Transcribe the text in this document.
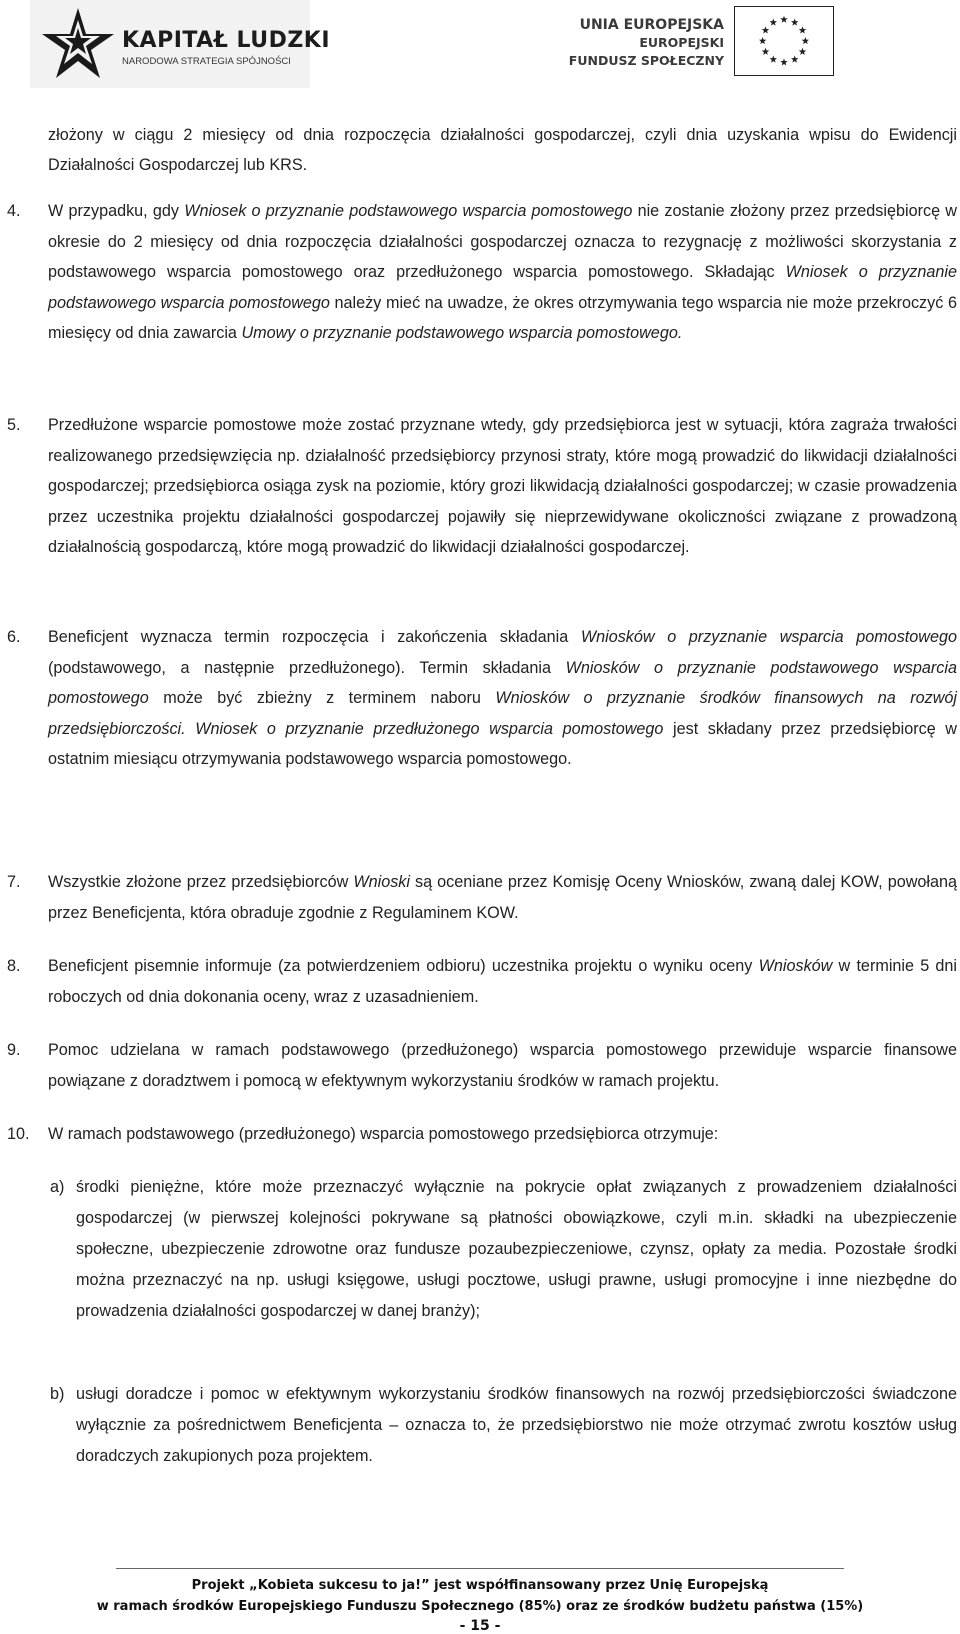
KAPITAŁ LUDZKI
NARODOWA STRATEGIA SPÓJNOŚCI
UNIA EUROPEJSKA
EUROPEJSKI
FUNDUSZ SPOŁECZNY
złożony w ciągu 2 miesięcy od dnia rozpoczęcia działalności gospodarczej, czyli dnia uzyskania wpisu do Ewidencji Działalności Gospodarczej lub KRS.
4. W przypadku, gdy Wniosek o przyznanie podstawowego wsparcia pomostowego nie zostanie złożony przez przedsiębiorcę w okresie do 2 miesięcy od dnia rozpoczęcia działalności gospodarczej oznacza to rezygnację z możliwości skorzystania z podstawowego wsparcia pomostowego oraz przedłużonego wsparcia pomostowego. Składając Wniosek o przyznanie podstawowego wsparcia pomostowego należy mieć na uwadze, że okres otrzymywania tego wsparcia nie może przekroczyć 6 miesięcy od dnia zawarcia Umowy o przyznanie podstawowego wsparcia pomostowego.

5. Przedłużone wsparcie pomostowe może zostać przyznane wtedy, gdy przedsiębiorca jest w sytuacji, która zagraża trwałości realizowanego przedsięwzięcia np. działalność przedsiębiorcy przynosi straty, które mogą prowadzić do likwidacji działalności gospodarczej; przedsiębiorca osiąga zysk na poziomie, który grozi likwidacją działalności gospodarczej; w czasie prowadzenia przez uczestnika projektu działalności gospodarczej pojawiły się nieprzewidywane okoliczności związane z prowadzoną działalnością gospodarczą, które mogą prowadzić do likwidacji działalności gospodarczej.

6. Beneficjent wyznacza termin rozpoczęcia i zakończenia składania Wniosków o przyznanie wsparcia pomostowego (podstawowego, a następnie przedłużonego). Termin składania Wniosków o przyznanie podstawowego wsparcia pomostowego może być zbieżny z terminem naboru Wniosków o przyznanie środków finansowych na rozwój przedsiębiorczości. Wniosek o przyznanie przedłużonego wsparcia pomostowego jest składany przez przedsiębiorcę w ostatnim miesiącu otrzymywania podstawowego wsparcia pomostowego.

7. Wszystkie złożone przez przedsiębiorców Wnioski są oceniane przez Komisję Oceny Wniosków, zwaną dalej KOW, powołaną przez Beneficjenta, która obraduje zgodnie z Regulaminem KOW.

8. Beneficjent pisemnie informuje (za potwierdzeniem odbioru) uczestnika projektu o wyniku oceny Wniosków w terminie 5 dni roboczych od dnia dokonania oceny, wraz z uzasadnieniem.

9. Pomoc udzielana w ramach podstawowego (przedłużonego) wsparcia pomostowego przewiduje wsparcie finansowe powiązane z doradztwem i pomocą w efektywnym wykorzystaniu środków w ramach projektu.

10. W ramach podstawowego (przedłużonego) wsparcia pomostowego przedsiębiorca otrzymuje:

a) środki pieniężne, które może przeznaczyć wyłącznie na pokrycie opłat związanych z prowadzeniem działalności gospodarczej (w pierwszej kolejności pokrywane są płatności obowiązkowe, czyli m.in. składki na ubezpieczenie społeczne, ubezpieczenie zdrowotne oraz fundusze pozaubezpieczeniowe, czynsz, opłaty za media. Pozostałe środki można przeznaczyć na np. usługi księgowe, usługi pocztowe, usługi prawne, usługi promocyjne i inne niezbędne do prowadzenia działalności gospodarczej w danej branży);

b) usługi doradcze i pomoc w efektywnym wykorzystaniu środków finansowych na rozwój przedsiębiorczości świadczone wyłącznie za pośrednictwem Beneficjenta – oznacza to, że przedsiębiorstwo nie może otrzymać zwrotu kosztów usług doradczych zakupionych poza projektem.

Projekt „Kobieta sukcesu to ja!” jest współfinansowany przez Unię Europejską
w ramach środków Europejskiego Funduszu Społecznego (85%) oraz ze środków budżetu państwa (15%)
- 15 -
